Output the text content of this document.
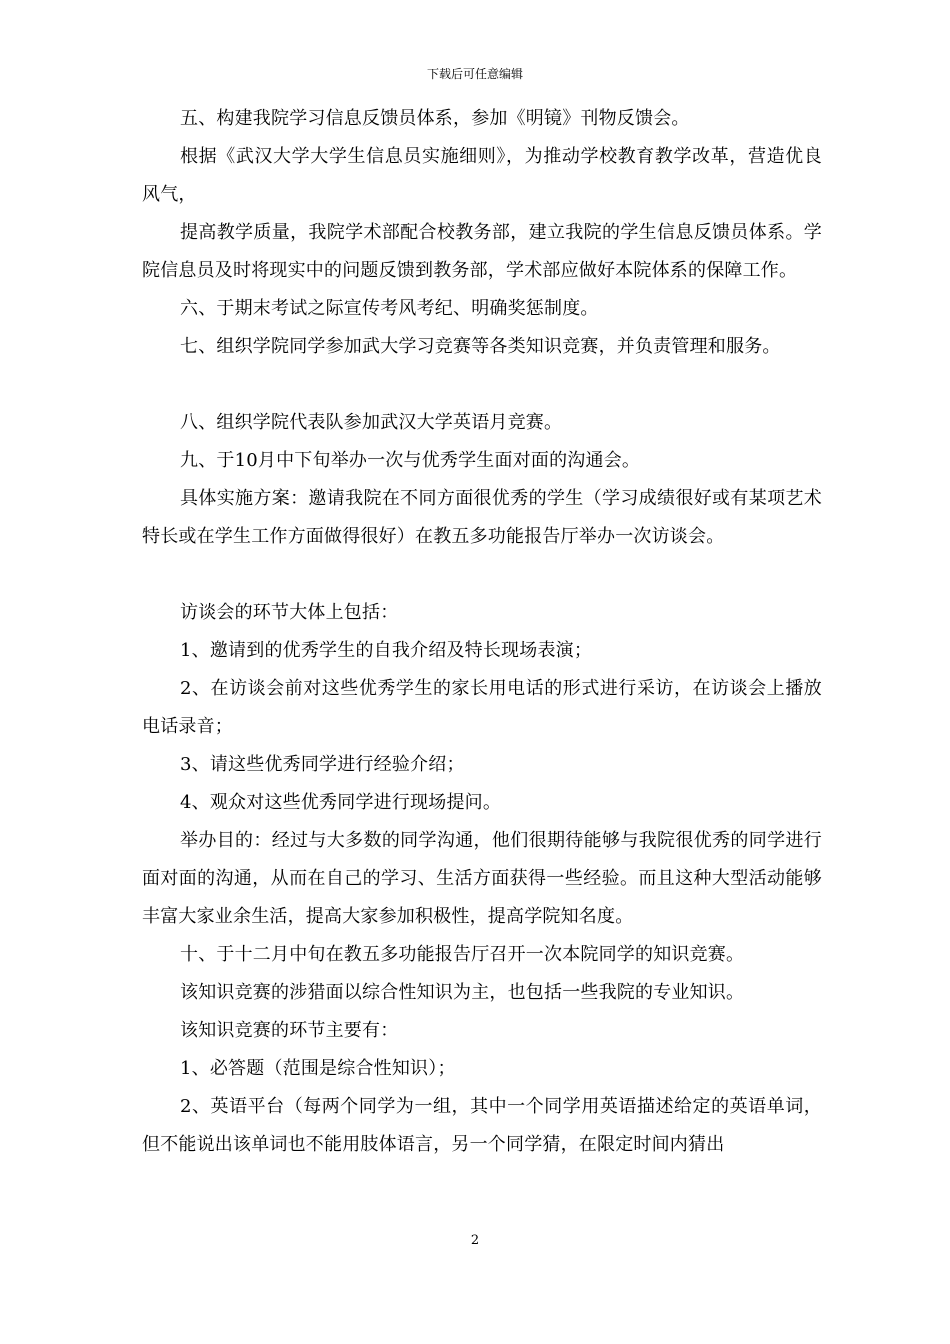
下载后可任意编辑

五、构建我院学习信息反馈员体系，参加《明镜》刊物反馈会。

根据《武汉大学大学生信息员实施细则》，为推动学校教育教学改革，营造优良风气，

提高教学质量，我院学术部配合校教务部，建立我院的学生信息反馈员体系。学院信息员及时将现实中的问题反馈到教务部，学术部应做好本院体系的保障工作。

六、于期末考试之际宣传考风考纪、明确奖惩制度。

七、组织学院同学参加武大学习竞赛等各类知识竞赛，并负责管理和服务。

八、组织学院代表队参加武汉大学英语月竞赛。

九、于10月中下旬举办一次与优秀学生面对面的沟通会。

具体实施方案：邀请我院在不同方面很优秀的学生（学习成绩很好或有某项艺术特长或在学生工作方面做得很好）在教五多功能报告厅举办一次访谈会。

访谈会的环节大体上包括：

1、邀请到的优秀学生的自我介绍及特长现场表演；

2、在访谈会前对这些优秀学生的家长用电话的形式进行采访，在访谈会上播放电话录音；

3、请这些优秀同学进行经验介绍；

4、观众对这些优秀同学进行现场提问。

举办目的：经过与大多数的同学沟通，他们很期待能够与我院很优秀的同学进行面对面的沟通，从而在自己的学习、生活方面获得一些经验。而且这种大型活动能够丰富大家业余生活，提高大家参加积极性，提高学院知名度。

十、于十二月中旬在教五多功能报告厅召开一次本院同学的知识竞赛。

该知识竞赛的涉猎面以综合性知识为主，也包括一些我院的专业知识。

该知识竞赛的环节主要有：

1、必答题（范围是综合性知识）；

2、英语平台（每两个同学为一组，其中一个同学用英语描述给定的英语单词，但不能说出该单词也不能用肢体语言，另一个同学猜，在限定时间内猜出

2
